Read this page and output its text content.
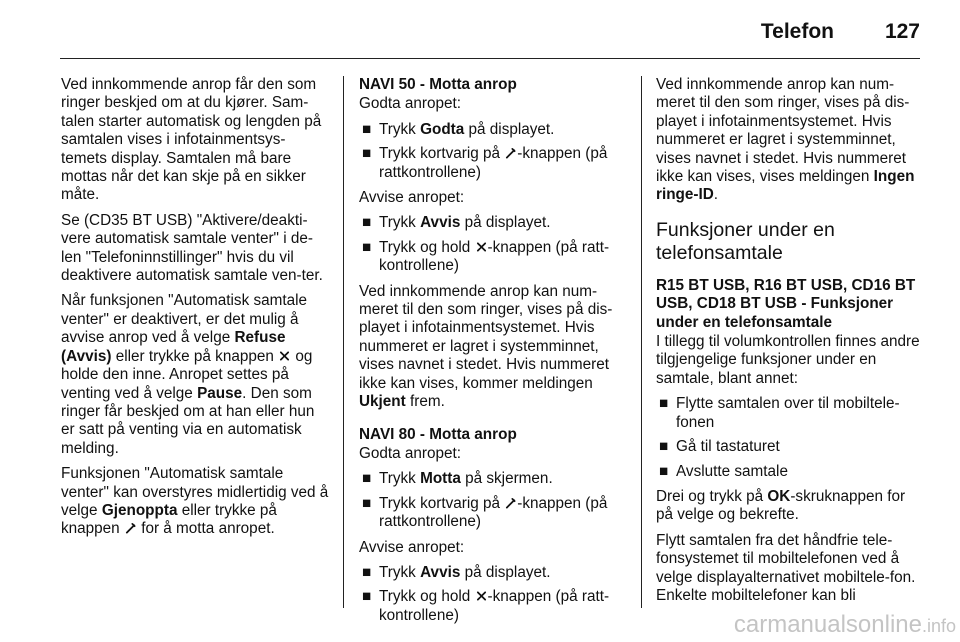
Telefon 127

Ved innkommende anrop får den som ringer beskjed om at du kjører. Sam-talen starter automatisk og lengden på samtalen vises i infotainmentsys-temets display. Samtalen må bare mottas når det kan skje på en sikker måte.

Se (CD35 BT USB) "Aktivere/deakti-vere automatisk samtale venter" i de-len "Telefoninnstillinger" hvis du vil deaktivere automatisk samtale ven-ter.

Når funksjonen "Automatisk samtale venter" er deaktivert, er det mulig å avvise anrop ved å velge Refuse (Avvis) eller trykke på knappen  og holde den inne. Anropet settes på venting ved å velge Pause. Den som ringer får beskjed om at han eller hun er satt på venting via en automatisk melding.

Funksjonen "Automatisk samtale venter" kan overstyres midlertidig ved å velge Gjenoppta eller trykke på knappen  for å motta anropet.

NAVI 50 - Motta anrop

Godta anropet:

■ Trykk Godta på displayet.
■ Trykk kortvarig på -knappen (på rattkontrollene)

Avvise anropet:

■ Trykk Avvis på displayet.
■ Trykk og hold -knappen (på ratt-kontrollene)

Ved innkommende anrop kan num-meret til den som ringer, vises på dis-playet i infotainmentsystemet. Hvis nummeret er lagret i systemminnet, vises navnet i stedet. Hvis nummeret ikke kan vises, kommer meldingen Ukjent frem.

NAVI 80 - Motta anrop

Godta anropet:

■ Trykk Motta på skjermen.
■ Trykk kortvarig på -knappen (på rattkontrollene)

Avvise anropet:

■ Trykk Avvis på displayet.
■ Trykk og hold -knappen (på ratt-kontrollene)

Ved innkommende anrop kan num-meret til den som ringer, vises på dis-playet i infotainmentsystemet. Hvis nummeret er lagret i systemminnet, vises navnet i stedet. Hvis nummeret ikke kan vises, vises meldingen Ingen ringe-ID.

Funksjoner under en telefonsamtale

R15 BT USB, R16 BT USB, CD16 BT USB, CD18 BT USB - Funksjoner under en telefonsamtale

I tillegg til volumkontrollen finnes andre tilgjengelige funksjoner under en samtale, blant annet:

■ Flytte samtalen over til mobiltele-fonen
■ Gå til tastaturet
■ Avslutte samtale

Drei og trykk på OK-skruknappen for på velge og bekrefte.

Flytt samtalen fra det håndfrie tele-fonsystemet til mobiltelefonen ved å velge displayalternativet mobiltele-fon. Enkelte mobiltelefoner kan bli

carmanualsonline.info
